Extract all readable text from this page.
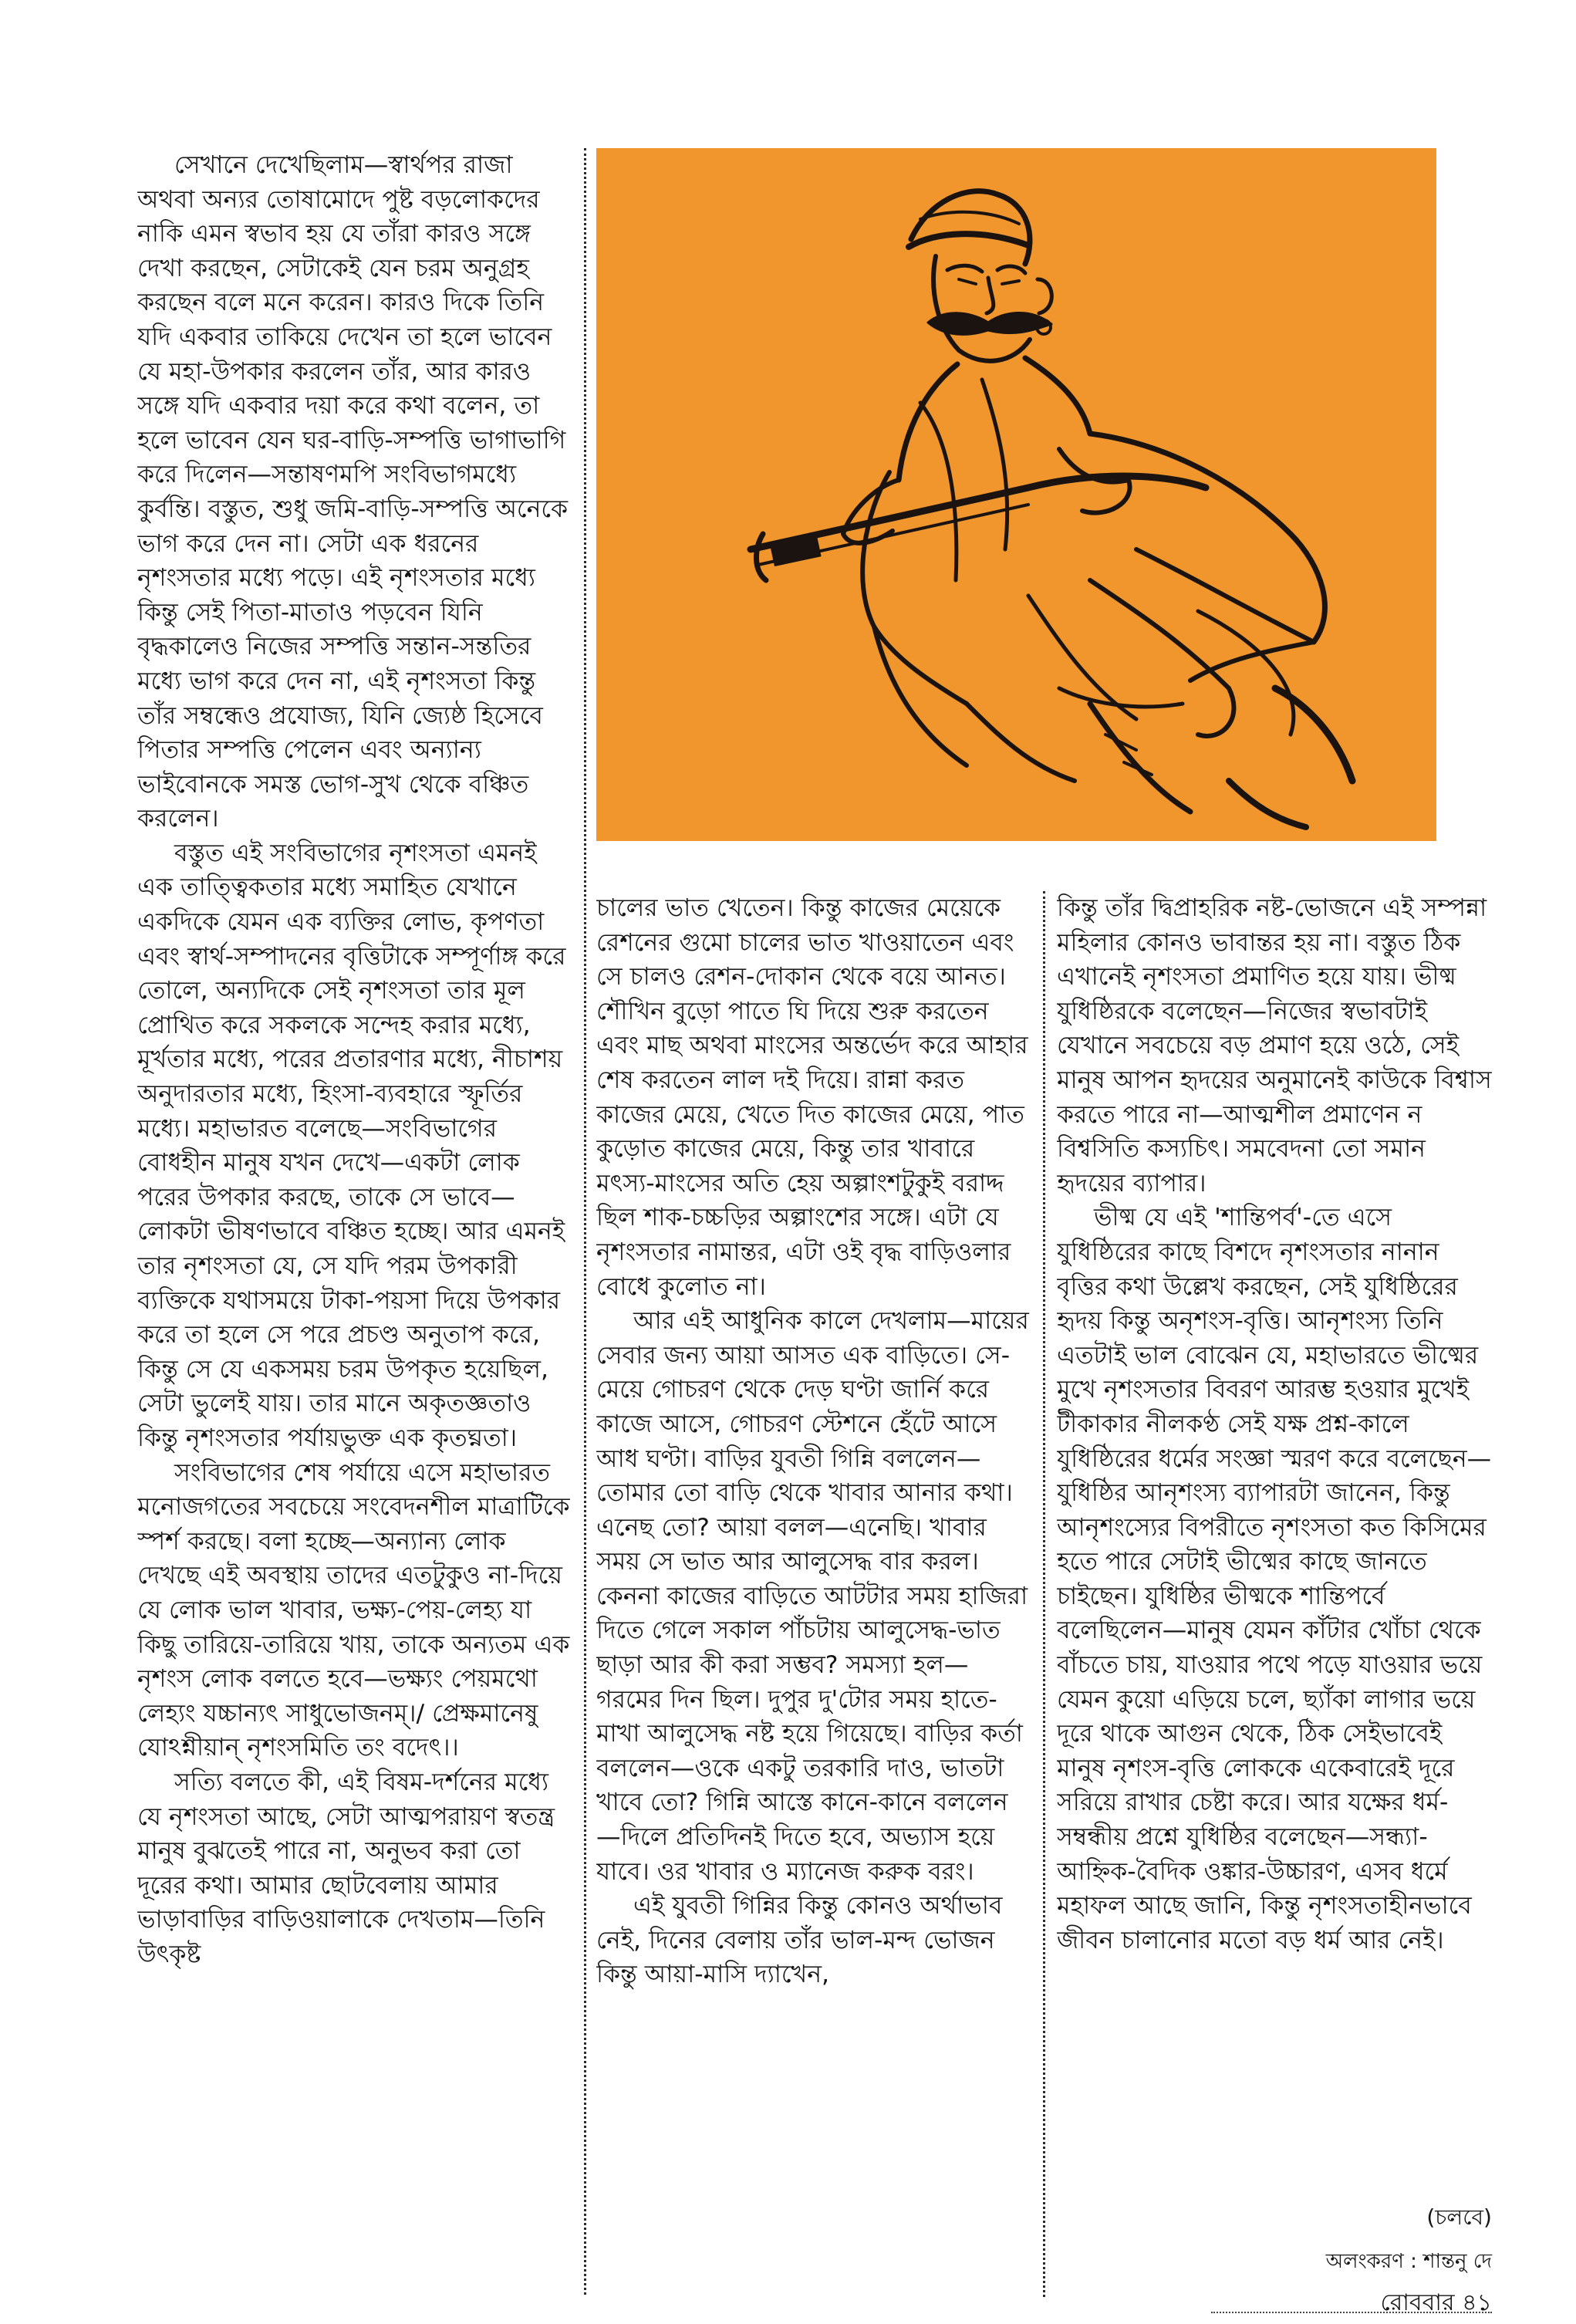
সেখানে দেখেছিলাম—স্বার্থপর রাজা অথবা অন্যর তোষামোদে পুষ্ট বড়লোকদের নাকি এমন স্বভাব হয় যে তাঁরা কারও সঙ্গে দেখা করছেন, সেটাকেই যেন চরম অনুগ্রহ করছেন বলে মনে করেন। কারও দিকে তিনি যদি একবার তাকিয়ে দেখেন তা হলে ভাবেন যে মহা-উপকার করলেন তাঁর, আর কারও সঙ্গে যদি একবার দয়া করে কথা বলেন, তা হলে ভাবেন যেন ঘর-বাড়ি-সম্পত্তি ভাগাভাগি করে দিলেন—সন্তাষণমপি সংবিভাগমধ্যে কুর্বন্তি। বস্তুত, শুধু জমি-বাড়ি-সম্পত্তি অনেকে ভাগ করে দেন না। সেটা এক ধরনের নৃশংসতার মধ্যে পড়ে। এই নৃশংসতার মধ্যে কিন্তু সেই পিতা-মাতাও পড়বেন যিনি বৃদ্ধকালেও নিজের সম্পত্তি সন্তান-সন্ততির মধ্যে ভাগ করে দেন না, এই নৃশংসতা কিন্তু তাঁর সম্বন্ধেও প্রযোজ্য, যিনি জ্যেষ্ঠ হিসেবে পিতার সম্পত্তি পেলেন এবং অন্যান্য ভাইবোনকে সমস্ত ভোগ-সুখ থেকে বঞ্চিত করলেন।

বস্তুত এই সংবিভাগের নৃশংসতা এমনই এক তাত্ত্বিকতার মধ্যে সমাহিত যেখানে একদিকে যেমন এক ব্যক্তির লোভ, কৃপণতা এবং স্বার্থ-সম্পাদনের বৃত্তিটাকে সম্পূর্ণাঙ্গ করে তোলে, অন্যদিকে সেই নৃশংসতা তার মূল প্রোথিত করে সকলকে সন্দেহ করার মধ্যে, মূর্খতার মধ্যে, পরের প্রতারণার মধ্যে, নীচাশয় অনুদারতার মধ্যে, হিংসা-ব্যবহারে স্ফূর্তির মধ্যে। মহাভারত বলেছে—সংবিভাগের বোধহীন মানুষ যখন দেখে—একটা লোক পরের উপকার করছে, তাকে সে ভাবে—লোকটা ভীষণভাবে বঞ্চিত হচ্ছে। আর এমনই তার নৃশংসতা যে, সে যদি পরম উপকারী ব্যক্তিকে যথাসময়ে টাকা-পয়সা দিয়ে উপকার করে তা হলে সে পরে প্রচণ্ড অনুতাপ করে, কিন্তু সে যে একসময় চরম উপকৃত হয়েছিল, সেটা ভুলেই যায়। তার মানে অকৃতজ্ঞতাও কিন্তু নৃশংসতার পর্যায়ভুক্ত এক কৃতঘ্নতা।

সংবিভাগের শেষ পর্যায়ে এসে মহাভারত মনোজগতের সবচেয়ে সংবেদনশীল মাত্রাটিকে স্পর্শ করছে। বলা হচ্ছে—অন্যান্য লোক দেখছে এই অবস্থায় তাদের এতটুকুও না-দিয়ে যে লোক ভাল খাবার, ভক্ষ্য-পেয়-লেহ্য যা কিছু তারিয়ে-তারিয়ে খায়, তাকে অন্যতম এক নৃশংস লোক বলতে হবে—ভক্ষ্যং পেয়মথো লেহ্যং যচ্চান্যৎ সাধুভোজনম্।/ প্রেক্ষমানেষু যোঽশ্নীয়ান্ নৃশংসমিতি তং বদেৎ।।

সত্যি বলতে কী, এই বিষম-দর্শনের মধ্যে যে নৃশংসতা আছে, সেটা আত্মপরায়ণ স্বতন্ত্র মানুষ বুঝতেই পারে না, অনুভব করা তো দূরের কথা। আমার ছোটবেলায় আমার ভাড়াবাড়ির বাড়িওয়ালাকে দেখতাম—তিনি উৎকৃষ্ট

চালের ভাত খেতেন। কিন্তু কাজের মেয়েকে রেশনের গুমো চালের ভাত খাওয়াতেন এবং সে চালও রেশন-দোকান থেকে বয়ে আনত। শৌখিন বুড়ো পাতে ঘি দিয়ে শুরু করতেন এবং মাছ অথবা মাংসের অন্তর্ভেদ করে আহার শেষ করতেন লাল দই দিয়ে। রান্না করত কাজের মেয়ে, খেতে দিত কাজের মেয়ে, পাত কুড়োত কাজের মেয়ে, কিন্তু তার খাবারে মৎস্য-মাংসের অতি হেয় অল্পাংশটুকুই বরাদ্দ ছিল শাক-চচ্চড়ির অল্পাংশের সঙ্গে। এটা যে নৃশংসতার নামান্তর, এটা ওই বৃদ্ধ বাড়িওলার বোধে কুলোত না।

আর এই আধুনিক কালে দেখলাম—মায়ের সেবার জন্য আয়া আসত এক বাড়িতে। সে-মেয়ে গোচরণ থেকে দেড় ঘণ্টা জার্নি করে কাজে আসে, গোচরণ স্টেশনে হেঁটে আসে আধ ঘণ্টা। বাড়ির যুবতী গিন্নি বললেন—তোমার তো বাড়ি থেকে খাবার আনার কথা। এনেছ তো? আয়া বলল—এনেছি। খাবার সময় সে ভাত আর আলুসেদ্ধ বার করল। কেননা কাজের বাড়িতে আটটার সময় হাজিরা দিতে গেলে সকাল পাঁচটায় আলুসেদ্ধ-ভাত ছাড়া আর কী করা সম্ভব? সমস্যা হল—গরমের দিন ছিল। দুপুর দু'টোর সময় হাতে-মাখা আলুসেদ্ধ নষ্ট হয়ে গিয়েছে। বাড়ির কর্তা বললেন—ওকে একটু তরকারি দাও, ভাতটা খাবে তো? গিন্নি আস্তে কানে-কানে বললেন—দিলে প্রতিদিনই দিতে হবে, অভ্যাস হয়ে যাবে। ওর খাবার ও ম্যানেজ করুক বরং।

এই যুবতী গিন্নির কিন্তু কোনও অর্থাভাব নেই, দিনের বেলায় তাঁর ভাল-মন্দ ভোজন কিন্তু আয়া-মাসি দ্যাখেন,

কিন্তু তাঁর দ্বিপ্রাহরিক নষ্ট-ভোজনে এই সম্পন্না মহিলার কোনও ভাবান্তর হয় না। বস্তুত ঠিক এখানেই নৃশংসতা প্রমাণিত হয়ে যায়। ভীষ্ম যুধিষ্ঠিরকে বলেছেন—নিজের স্বভাবটাই যেখানে সবচেয়ে বড় প্রমাণ হয়ে ওঠে, সেই মানুষ আপন হৃদয়ের অনুমানেই কাউকে বিশ্বাস করতে পারে না—আত্মশীল প্রমাণেন ন বিশ্বসিতি কস্যচিৎ। সমবেদনা তো সমান হৃদয়ের ব্যাপার।

ভীষ্ম যে এই 'শান্তিপর্ব'-তে এসে যুধিষ্ঠিরের কাছে বিশদে নৃশংসতার নানান বৃত্তির কথা উল্লেখ করছেন, সেই যুধিষ্ঠিরের হৃদয় কিন্তু অনৃশংস-বৃত্তি। আনৃশংস্য তিনি এতটাই ভাল বোঝেন যে, মহাভারতে ভীষ্মের মুখে নৃশংসতার বিবরণ আরম্ভ হওয়ার মুখেই টীকাকার নীলকণ্ঠ সেই যক্ষ প্রশ্ন-কালে যুধিষ্ঠিরের ধর্মের সংজ্ঞা স্মরণ করে বলেছেন—যুধিষ্ঠির আনৃশংস্য ব্যাপারটা জানেন, কিন্তু আনৃশংস্যের বিপরীতে নৃশংসতা কত কিসিমের হতে পারে সেটাই ভীষ্মের কাছে জানতে চাইছেন। যুধিষ্ঠির ভীষ্মকে শান্তিপর্বে বলেছিলেন—মানুষ যেমন কাঁটার খোঁচা থেকে বাঁচতে চায়, যাওয়ার পথে পড়ে যাওয়ার ভয়ে যেমন কুয়ো এড়িয়ে চলে, ছ্যাঁকা লাগার ভয়ে দূরে থাকে আগুন থেকে, ঠিক সেইভাবেই মানুষ নৃশংস-বৃত্তি লোককে একেবারেই দূরে সরিয়ে রাখার চেষ্টা করে। আর যক্ষের ধর্ম-সম্বন্ধীয় প্রশ্নে যুধিষ্ঠির বলেছেন—সন্ধ্যা-আহ্নিক-বৈদিক ওঙ্কার-উচ্চারণ, এসব ধর্মে মহাফল আছে জানি, কিন্তু নৃশংসতাহীনভাবে জীবন চালানোর মতো বড় ধর্ম আর নেই।

(চলবে)
অলংকরণ : শান্তনু দে
রোববার ৪১
